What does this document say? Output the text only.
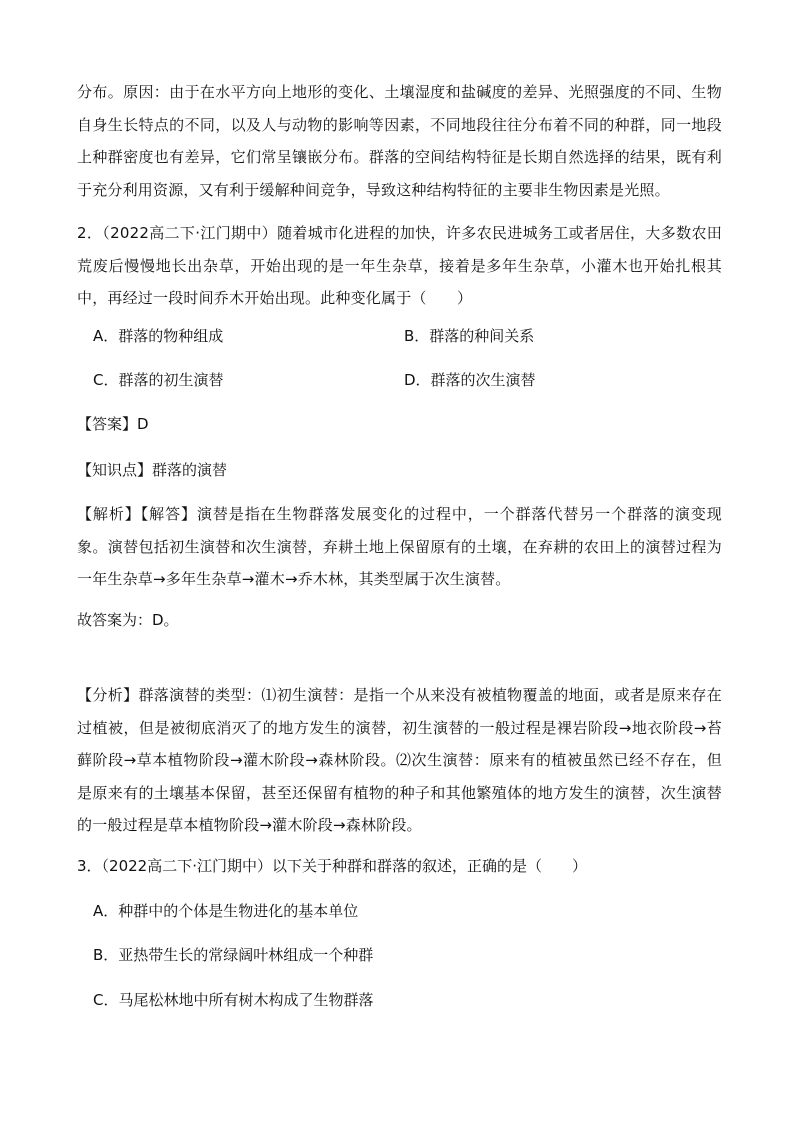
分布。原因：由于在水平方向上地形的变化、土壤湿度和盐碱度的差异、光照强度的不同、生物自身生长特点的不同，以及人与动物的影响等因素，不同地段往往分布着不同的种群，同一地段上种群密度也有差异，它们常呈镶嵌分布。群落的空间结构特征是长期自然选择的结果，既有利于充分利用资源，又有利于缓解种间竞争，导致这种结构特征的主要非生物因素是光照。

2．（2022高二下·江门期中）随着城市化进程的加快，许多农民进城务工或者居住，大多数农田荒废后慢慢地长出杂草，开始出现的是一年生杂草，接着是多年生杂草，小灌木也开始扎根其中，再经过一段时间乔木开始出现。此种变化属于（　　）

A．群落的物种组成	B．群落的种间关系

C．群落的初生演替	D．群落的次生演替

【答案】D

【知识点】群落的演替

【解析】【解答】演替是指在生物群落发展变化的过程中，一个群落代替另一个群落的演变现象。演替包括初生演替和次生演替，弃耕土地上保留原有的土壤，在弃耕的农田上的演替过程为一年生杂草→多年生杂草→灌木→乔木林，其类型属于次生演替。

故答案为：D。

【分析】群落演替的类型：⑴初生演替：是指一个从来没有被植物覆盖的地面，或者是原来存在过植被，但是被彻底消灭了的地方发生的演替，初生演替的一般过程是裸岩阶段→地衣阶段→苔藓阶段→草本植物阶段→灌木阶段→森林阶段。⑵次生演替：原来有的植被虽然已经不存在，但是原来有的土壤基本保留，甚至还保留有植物的种子和其他繁殖体的地方发生的演替，次生演替的一般过程是草本植物阶段→灌木阶段→森林阶段。

3．（2022高二下·江门期中）以下关于种群和群落的叙述，正确的是（　　）

A．种群中的个体是生物进化的基本单位

B．亚热带生长的常绿阔叶林组成一个种群

C．马尾松林地中所有树木构成了生物群落
